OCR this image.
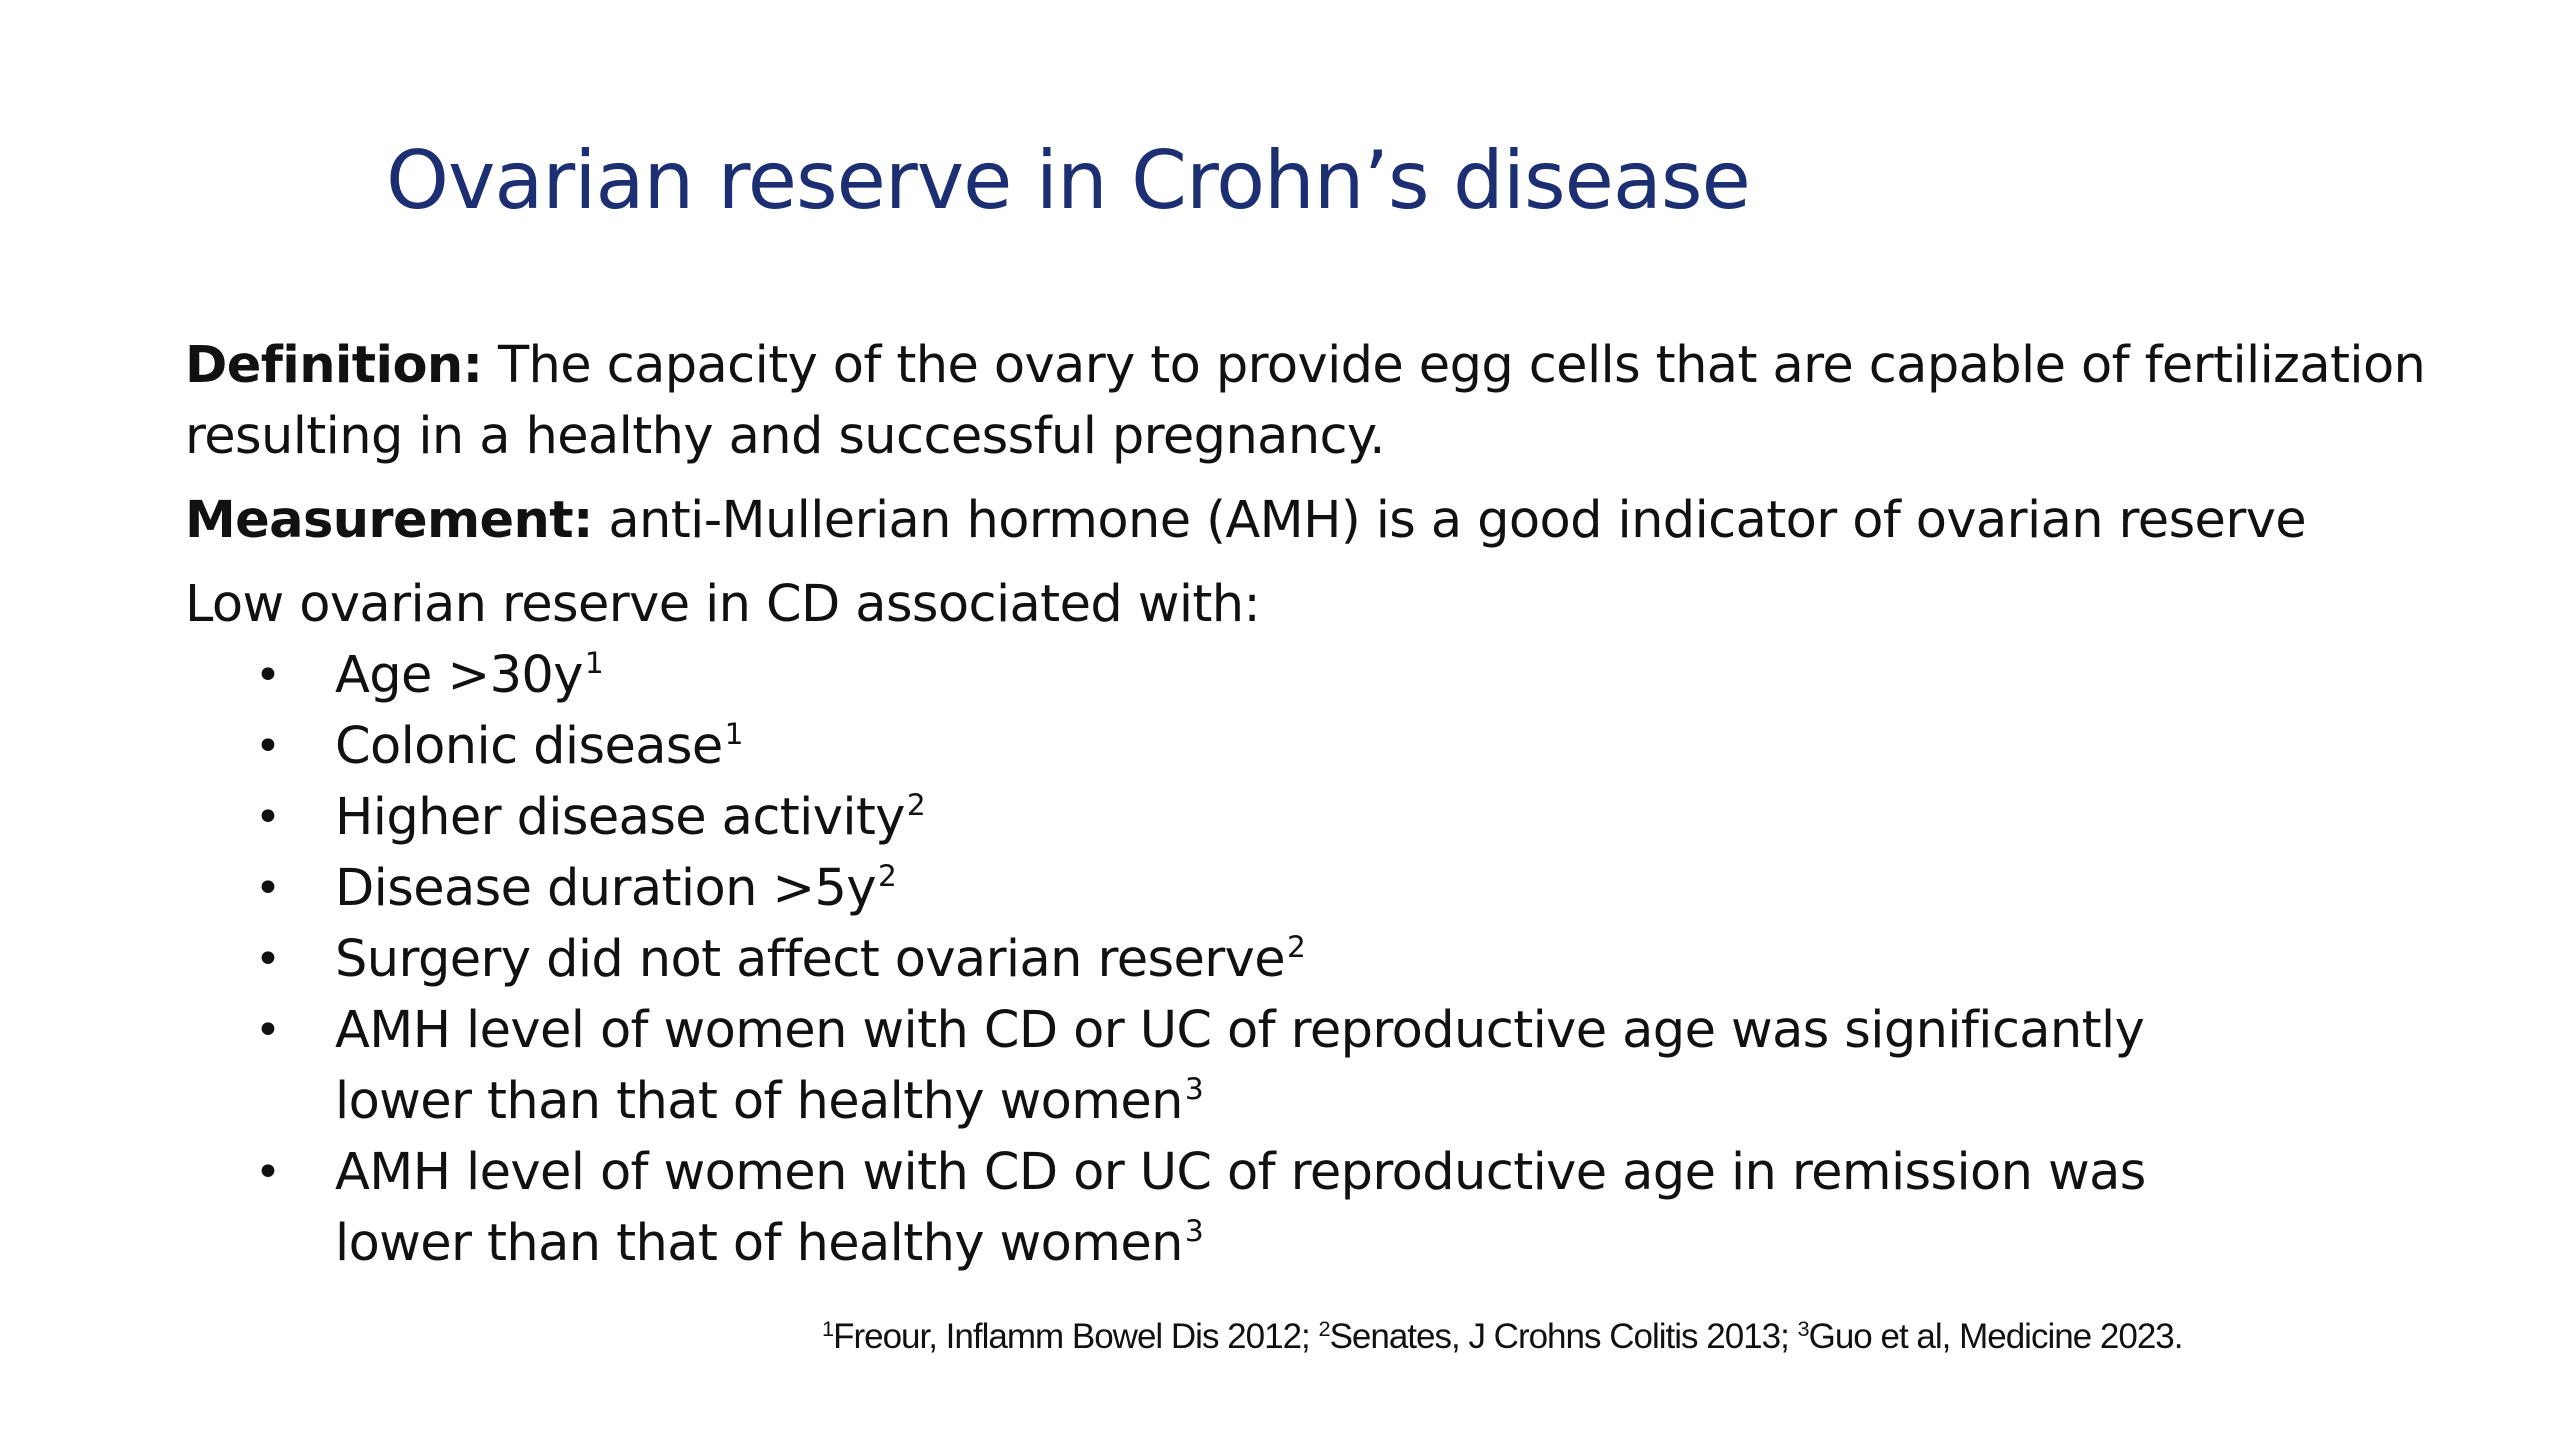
Ovarian reserve in Crohn’s disease

Definition: The capacity of the ovary to provide egg cells that are capable of fertilization resulting in a healthy and successful pregnancy.

Measurement: anti-Mullerian hormone (AMH) is a good indicator of ovarian reserve

Low ovarian reserve in CD associated with:

• Age $>30y^1$
• Colonic disease$^1$
• Higher disease activity$^2$
• Disease duration $>5y^2$
• Surgery did not affect ovarian reserve$^2$
• AMH level of women with CD or UC of reproductive age was significantly lower than that of healthy women$^3$
• AMH level of women with CD or UC of reproductive age in remission was lower than that of healthy women$^3$
$^1$Freour, Inflamm Bowel Dis 2012; $^2$Senates, J Crohns Colitis 2013; $^3$Guo et al, Medicine 2023.
